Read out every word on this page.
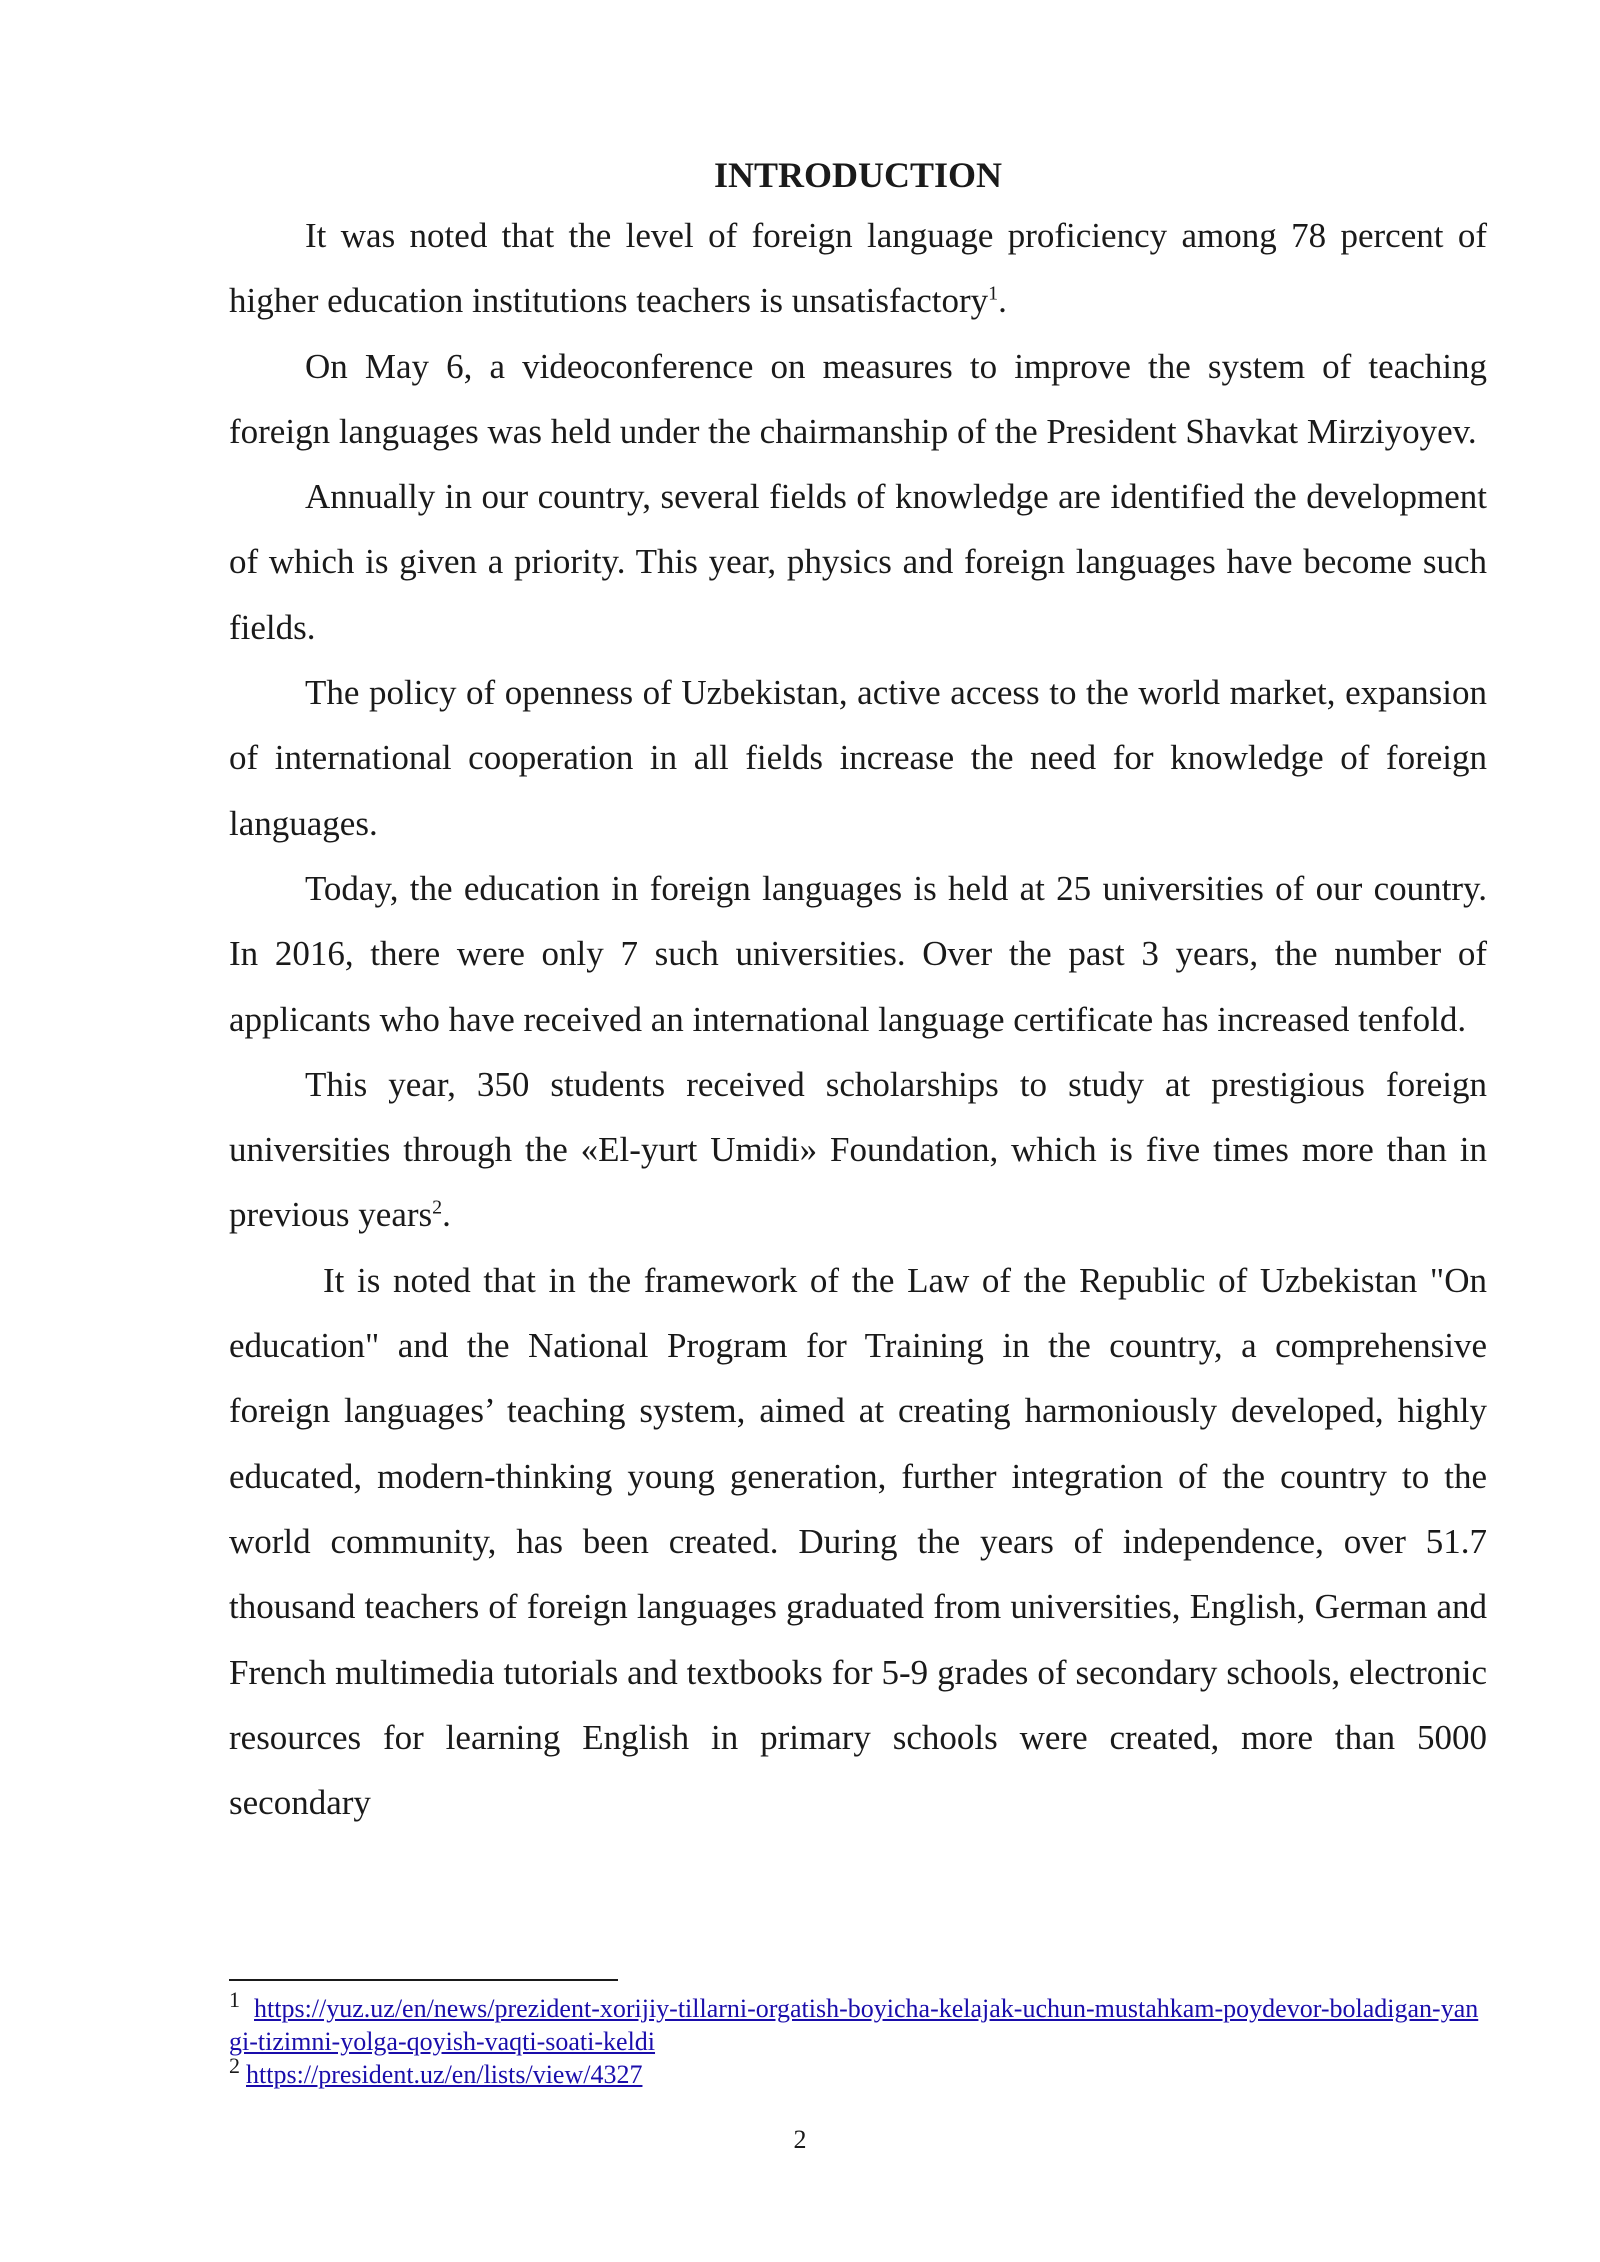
INTRODUCTION

It was noted that the level of foreign language proficiency among 78 percent of higher education institutions teachers is unsatisfactory$^1$.

On May 6, a videoconference on measures to improve the system of teaching foreign languages was held under the chairmanship of the President Shavkat Mirziyoyev.

Annually in our country, several fields of knowledge are identified the development of which is given a priority. This year, physics and foreign languages have become such fields.

The policy of openness of Uzbekistan, active access to the world market, expansion of international cooperation in all fields increase the need for knowledge of foreign languages.

Today, the education in foreign languages is held at 25 universities of our country. In 2016, there were only 7 such universities. Over the past 3 years, the number of applicants who have received an international language certificate has increased tenfold.

This year, 350 students received scholarships to study at prestigious foreign universities through the «El-yurt Umidi» Foundation, which is five times more than in previous years$^2$.

It is noted that in the framework of the Law of the Republic of Uzbekistan "On education" and the National Program for Training in the country, a comprehensive foreign languages’ teaching system, aimed at creating harmoniously developed, highly educated, modern-thinking young generation, further integration of the country to the world community, has been created. During the years of independence, over 51.7 thousand teachers of foreign languages graduated from universities, English, German and French multimedia tutorials and textbooks for 5-9 grades of secondary schools, electronic resources for learning English in primary schools were created, more than 5000 secondary

$^1$ https://yuz.uz/en/news/prezident-xorijiy-tillarni-orgatish-boyicha-kelajak-uchun-mustahkam-poydevor-boladigan-yangi-tizimni-yolga-qoyish-vaqti-soati-keldi

$^2$ https://president.uz/en/lists/view/4327

2
